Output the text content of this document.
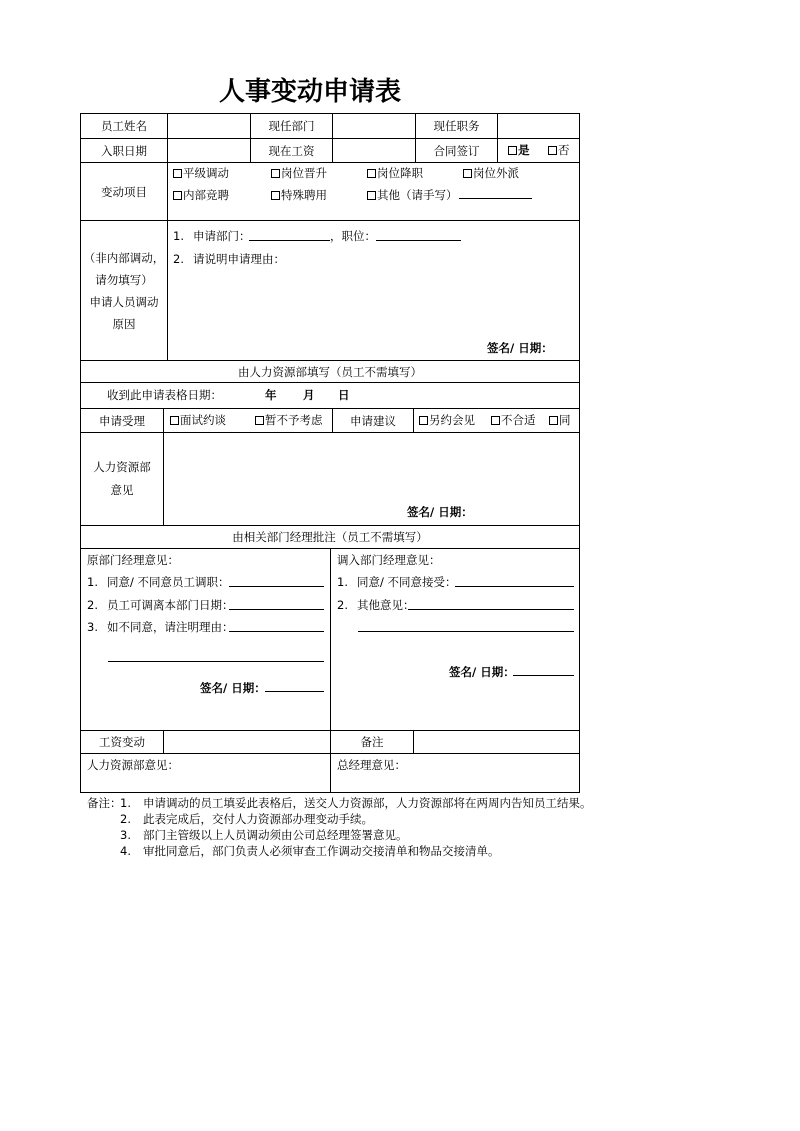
人事变动申请表
员工姓名	现任部门	现任职务
入职日期	现在工资	合同签订	是	否
变动项目
平级调动	岗位晋升	岗位降职	岗位外派
内部竞聘	特殊聘用	其他（请手写）
（非内部调动，
请勿填写）
申请人员调动
原因
1. 申请部门：	，职位：
2. 请说明申请理由：
签名/ 日期：
由人力资源部填写（员工不需填写）
收到此申请表格日期：	年 月 日
申请受理	面试约谈	暂不予考虑	申请建议	另约会见	不合适	同
人力资源部
意见
签名/ 日期：
由相关部门经理批注（员工不需填写）
原部门经理意见：
1. 同意/ 不同意员工调职：
2. 员工可调离本部门日期：
3. 如不同意，请注明理由：
签名/ 日期：
调入部门经理意见：
1. 同意/ 不同意接受：
2. 其他意见：
签名/ 日期：
工资变动	备注
人力资源部意见：	总经理意见：
备注：
1. 申请调动的员工填妥此表格后，送交人力资源部，人力资源部将在两周内告知员工结果。
2. 此表完成后，交付人力资源部办理变动手续。
3. 部门主管级以上人员调动须由公司总经理签署意见。
4. 审批同意后，部门负责人必须审查工作调动交接清单和物品交接清单。
